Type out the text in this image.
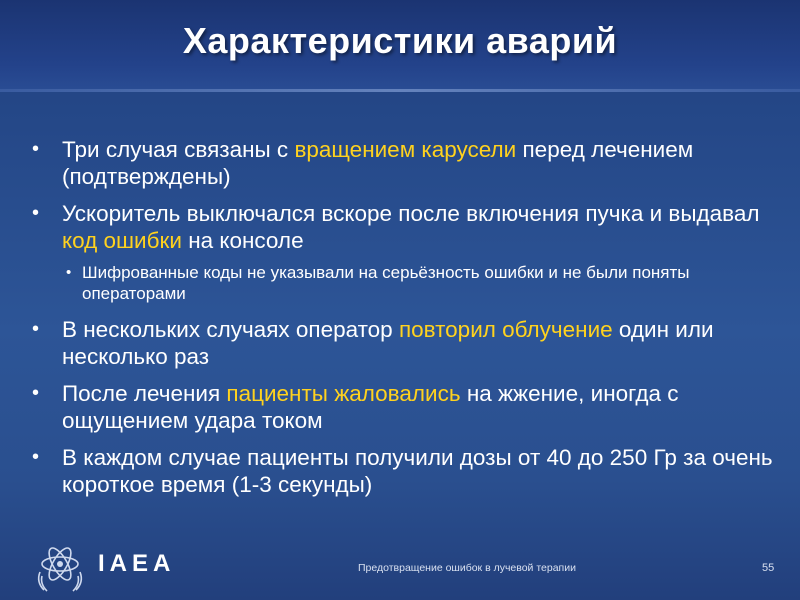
Характеристики аварий
• Три случая связаны с вращением карусели перед лечением (подтверждены)
• Ускоритель выключался вскоре после включения пучка и выдавал код ошибки на консоле
• Шифрованные коды не указывали на серьёзность ошибки и не были поняты операторами
• В нескольких случаях оператор повторил облучение один или несколько раз
• После лечения пациенты жаловались на жжение, иногда с ощущением удара током
• В каждом случае пациенты получили дозы от 40 до 250 Гр за очень короткое время (1-3 секунды)
IAEA	Предотвращение ошибок в лучевой терапии	55
